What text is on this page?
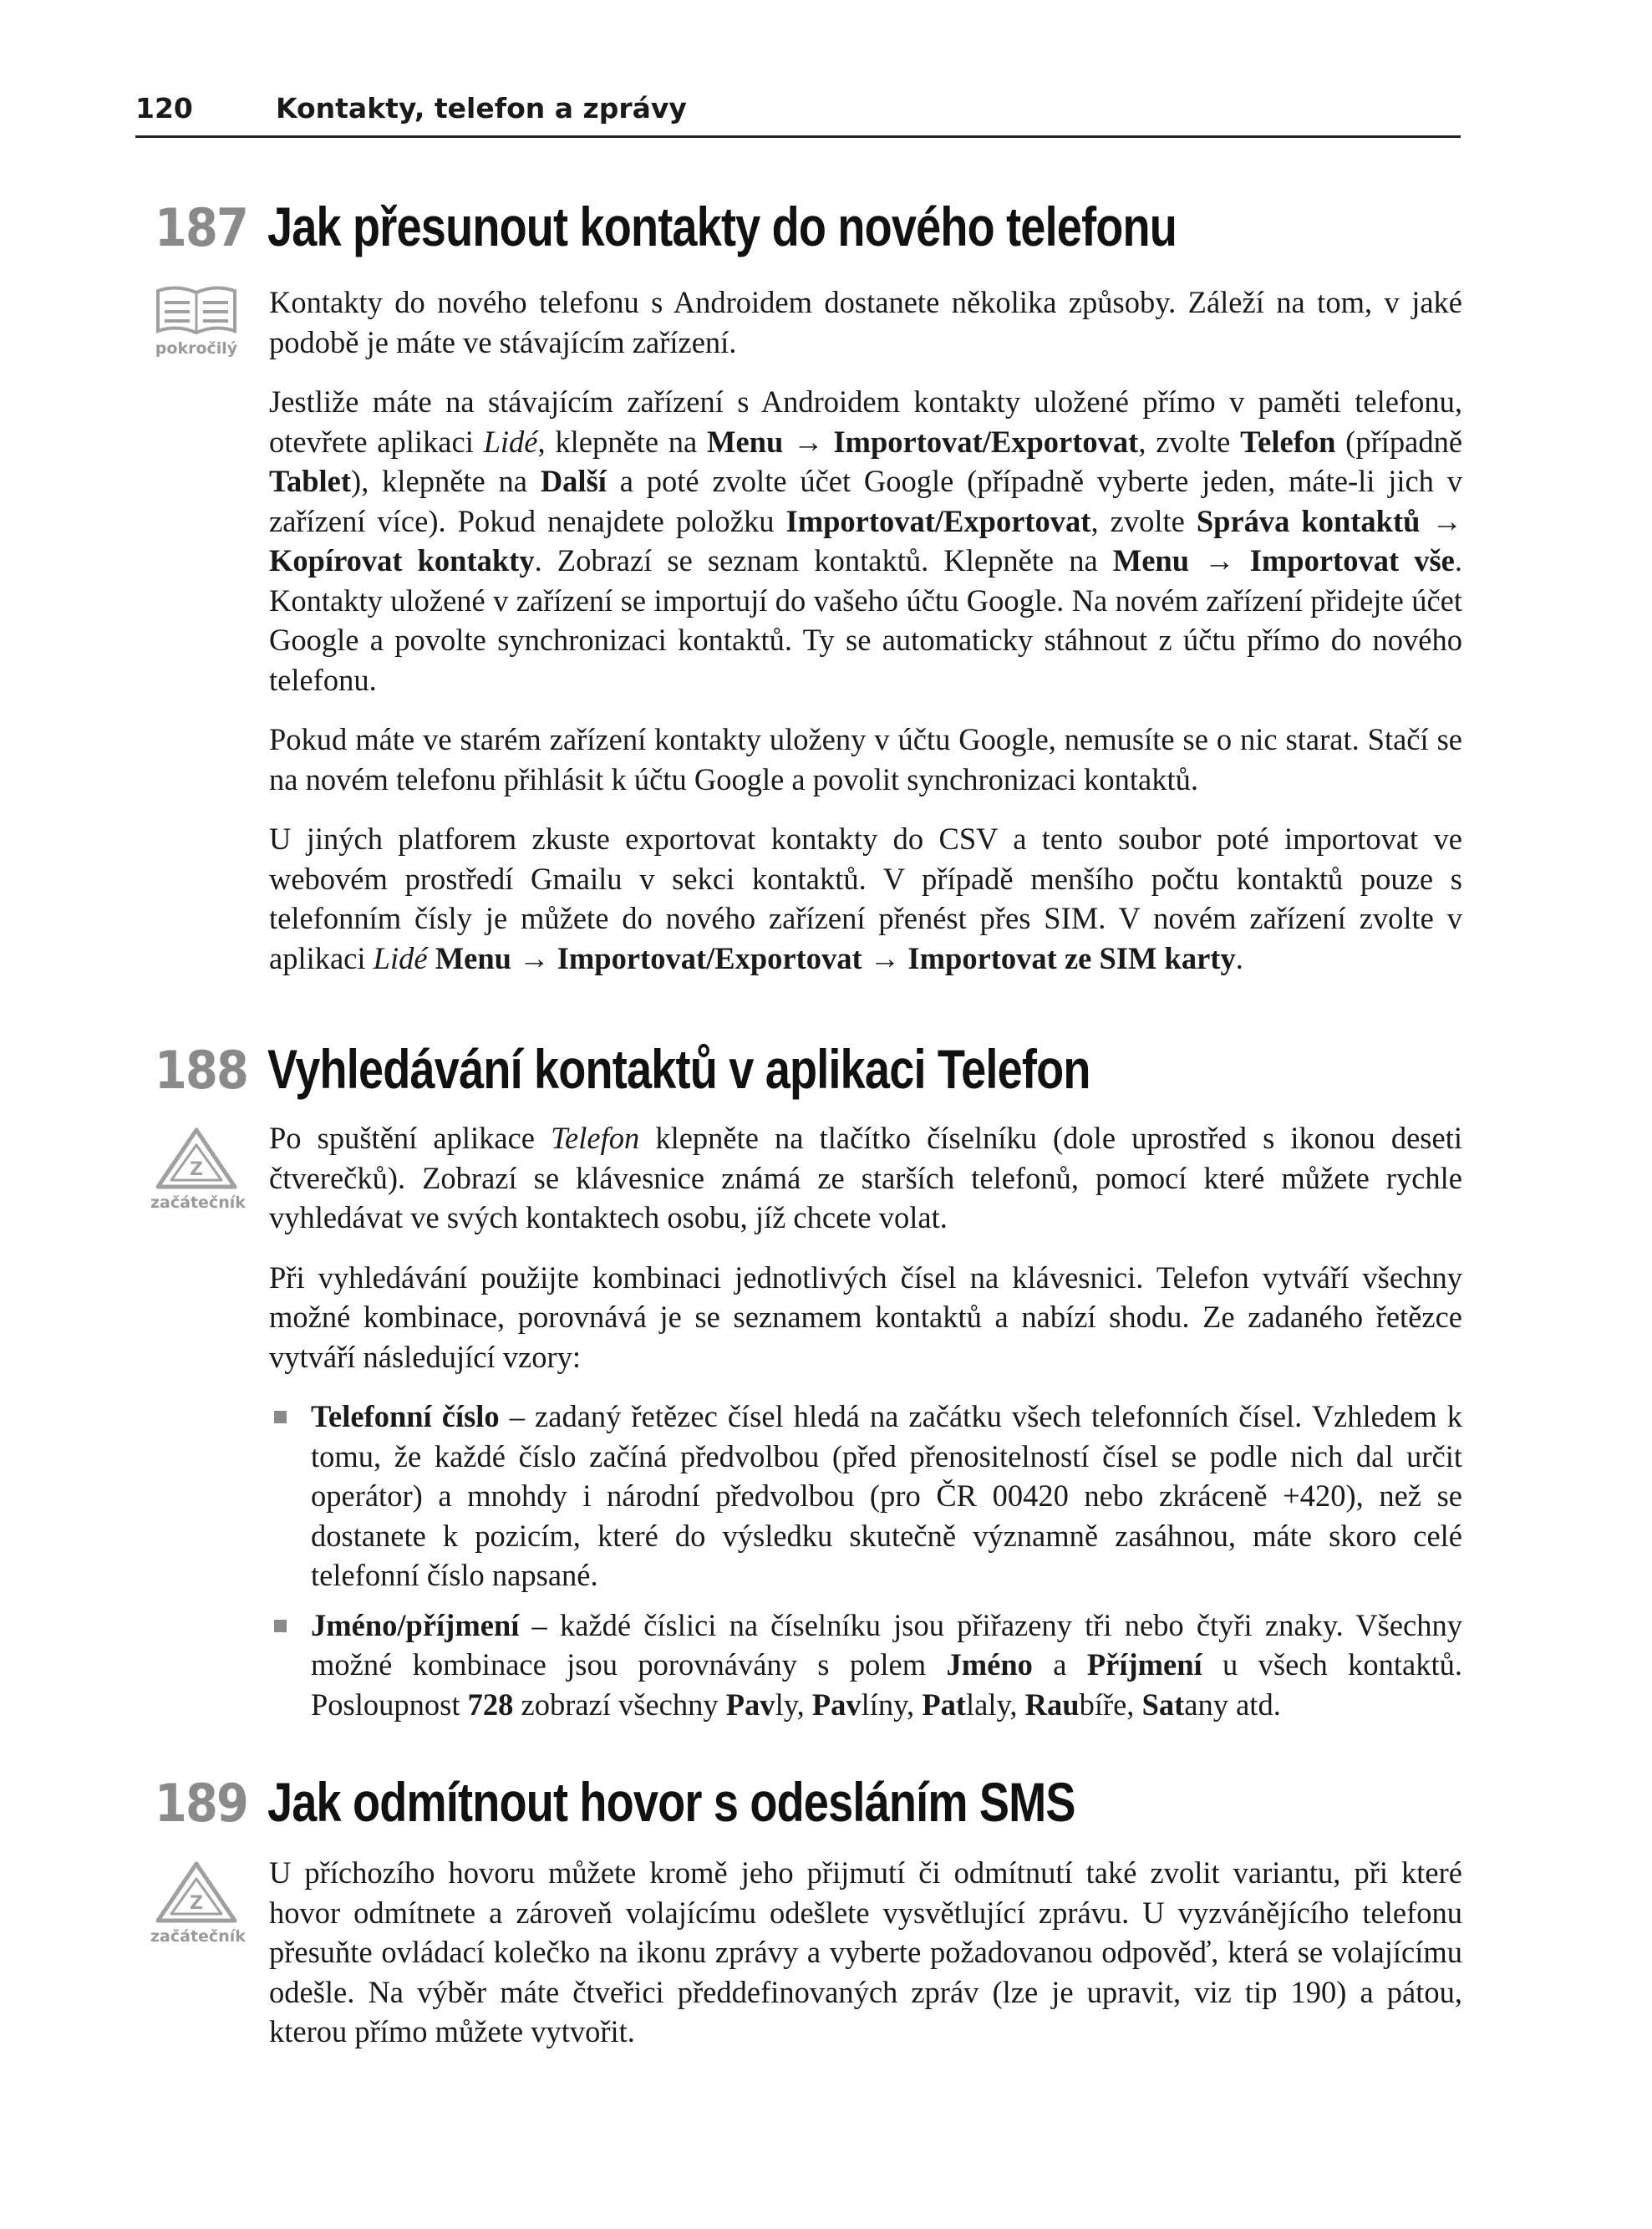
120	Kontakty, telefon a zprávy
187 Jak přesunout kontakty do nového telefonu
pokročilý

Kontakty do nového telefonu s Androidem dostanete několika způsoby. Záleží na tom, v jaké podobě je máte ve stávajícím zařízení.

Jestliže máte na stávajícím zařízení s Androidem kontakty uložené přímo v paměti telefonu, otevřete aplikaci Lidé, klepněte na Menu → Importovat/Exportovat, zvolte Telefon (případně Tablet), klepněte na Další a poté zvolte účet Google (případně vyberte jeden, máte-li jich v zařízení více). Pokud nenajdete položku Importovat/Exportovat, zvolte Správa kontaktů → Kopírovat kontakty. Zobrazí se seznam kontaktů. Klepněte na Menu → Importovat vše. Kontakty uložené v zařízení se importují do vašeho účtu Google. Na novém zařízení přidejte účet Google a povolte synchronizaci kontaktů. Ty se automaticky stáhnout z účtu přímo do nového telefonu.

Pokud máte ve starém zařízení kontakty uloženy v účtu Google, nemusíte se o nic starat. Stačí se na novém telefonu přihlásit k účtu Google a povolit synchronizaci kontaktů.

U jiných platforem zkuste exportovat kontakty do CSV a tento soubor poté importovat ve webovém prostředí Gmailu v sekci kontaktů. V případě menšího počtu kontaktů pouze s telefonním čísly je můžete do nového zařízení přenést přes SIM. V novém zařízení zvolte v aplikaci Lidé Menu → Importovat/Exportovat → Importovat ze SIM karty.

188 Vyhledávání kontaktů v aplikaci Telefon
Z
začátečník

Po spuštění aplikace Telefon klepněte na tlačítko číselníku (dole uprostřed s ikonou deseti čtverečků). Zobrazí se klávesnice známá ze starších telefonů, pomocí které můžete rychle vyhledávat ve svých kontaktech osobu, jíž chcete volat.

Při vyhledávání použijte kombinaci jednotlivých čísel na klávesnici. Telefon vytváří všechny možné kombinace, porovnává je se seznamem kontaktů a nabízí shodu. Ze zadaného řetězce vytváří následující vzory:

Telefonní číslo – zadaný řetězec čísel hledá na začátku všech telefonních čísel. Vzhledem k tomu, že každé číslo začíná předvolbou (před přenositelností čísel se podle nich dal určit operátor) a mnohdy i národní předvolbou (pro ČR 00420 nebo zkráceně +420), než se dostanete k pozicím, které do výsledku skutečně významně zasáhnou, máte skoro celé telefonní číslo napsané.
Jméno/příjmení – každé číslici na číselníku jsou přiřazeny tři nebo čtyři znaky. Všechny možné kombinace jsou porovnávány s polem Jméno a Příjmení u všech kontaktů. Posloupnost 728 zobrazí všechny Pavly, Pavlíny, Patlaly, Raubíře, Satany atd.
189 Jak odmítnout hovor s odesláním SMS
Z
začátečník

U příchozího hovoru můžete kromě jeho přijmutí či odmítnutí také zvolit variantu, při které hovor odmítnete a zároveň volajícímu odešlete vysvětlující zprávu. U vyzvánějícího telefonu přesuňte ovládací kolečko na ikonu zprávy a vyberte požadovanou odpověď, která se volajícímu odešle. Na výběr máte čtveřici předdefinovaných zpráv (lze je upravit, viz tip 190) a pátou, kterou přímo můžete vytvořit.
